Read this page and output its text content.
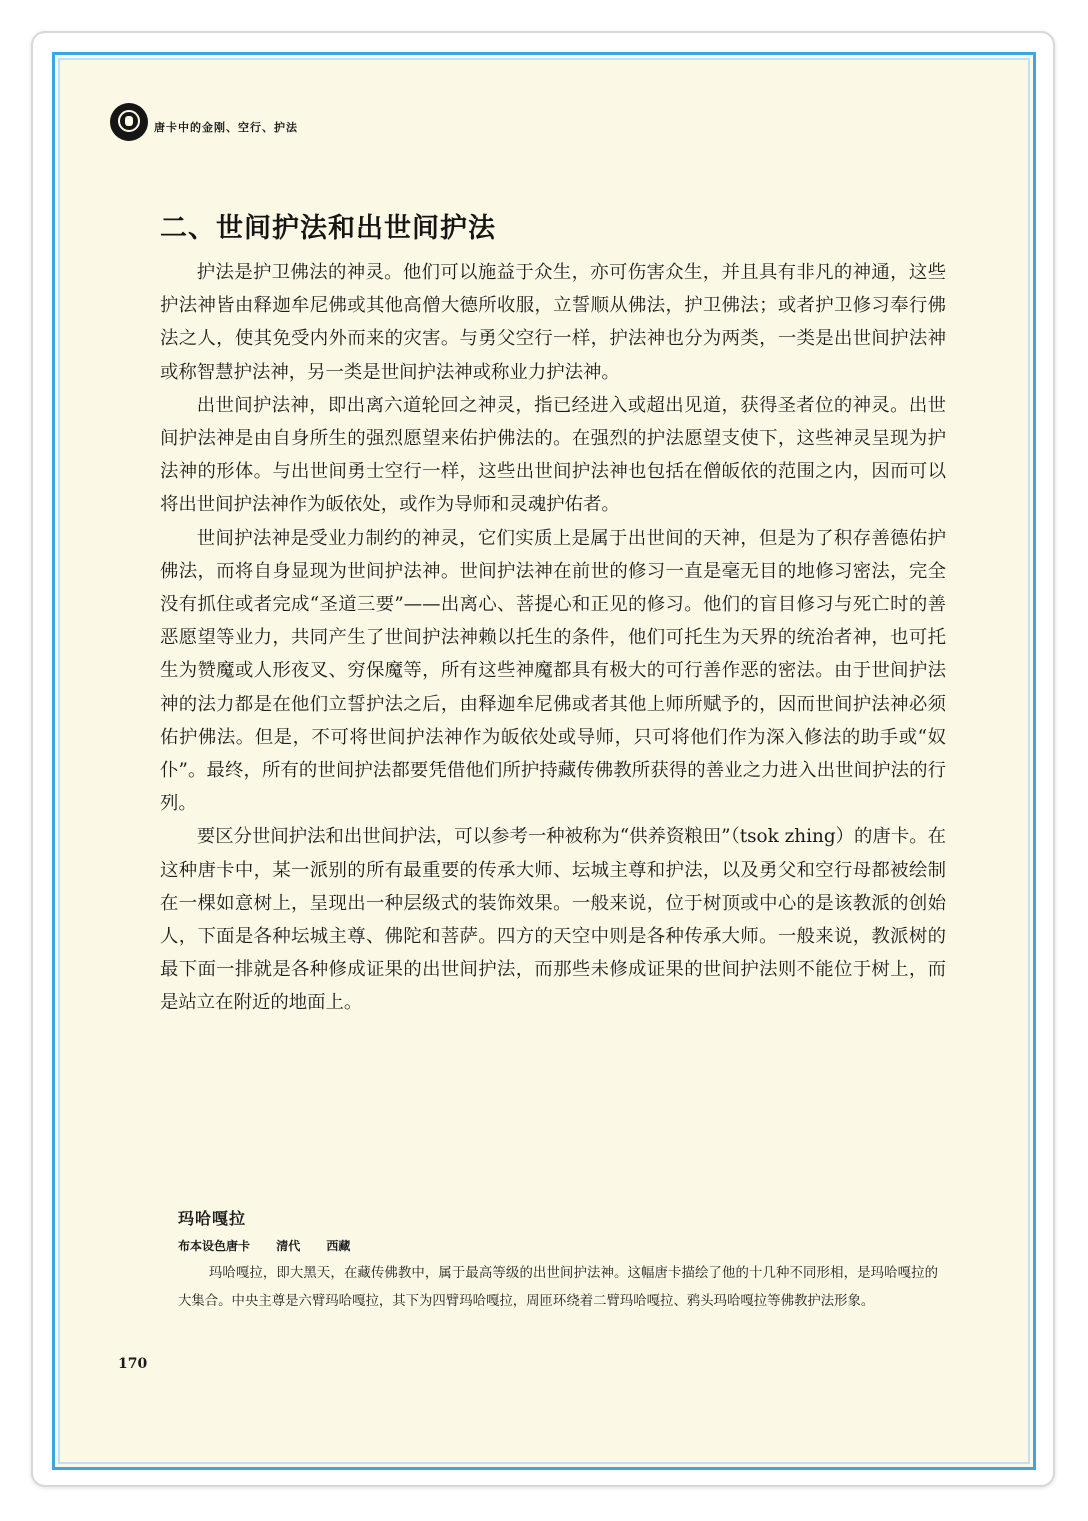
唐卡中的金刚、空行、护法
二、世间护法和出世间护法

护法是护卫佛法的神灵。他们可以施益于众生，亦可伤害众生，并且具有非凡的神通，这些护法神皆由释迦牟尼佛或其他高僧大德所收服，立誓顺从佛法，护卫佛法；或者护卫修习奉行佛法之人，使其免受内外而来的灾害。与勇父空行一样，护法神也分为两类，一类是出世间护法神或称智慧护法神，另一类是世间护法神或称业力护法神。

出世间护法神，即出离六道轮回之神灵，指已经进入或超出见道，获得圣者位的神灵。出世间护法神是由自身所生的强烈愿望来佑护佛法的。在强烈的护法愿望支使下，这些神灵呈现为护法神的形体。与出世间勇士空行一样，这些出世间护法神也包括在僧皈依的范围之内，因而可以将出世间护法神作为皈依处，或作为导师和灵魂护佑者。

世间护法神是受业力制约的神灵，它们实质上是属于出世间的天神，但是为了积存善德佑护佛法，而将自身显现为世间护法神。世间护法神在前世的修习一直是毫无目的地修习密法，完全没有抓住或者完成“圣道三要”——出离心、菩提心和正见的修习。他们的盲目修习与死亡时的善恶愿望等业力，共同产生了世间护法神赖以托生的条件，他们可托生为天界的统治者神，也可托生为赞魔或人形夜叉、穷保魔等，所有这些神魔都具有极大的可行善作恶的密法。由于世间护法神的法力都是在他们立誓护法之后，由释迦牟尼佛或者其他上师所赋予的，因而世间护法神必须佑护佛法。但是，不可将世间护法神作为皈依处或导师，只可将他们作为深入修法的助手或“奴仆”。最终，所有的世间护法都要凭借他们所护持藏传佛教所获得的善业之力进入出世间护法的行列。

要区分世间护法和出世间护法，可以参考一种被称为“供养资粮田”（tsok zhing）的唐卡。在这种唐卡中，某一派别的所有最重要的传承大师、坛城主尊和护法，以及勇父和空行母都被绘制在一棵如意树上，呈现出一种层级式的装饰效果。一般来说，位于树顶或中心的是该教派的创始人，下面是各种坛城主尊、佛陀和菩萨。四方的天空中则是各种传承大师。一般来说，教派树的最下面一排就是各种修成证果的出世间护法，而那些未修成证果的世间护法则不能位于树上，而是站立在附近的地面上。

玛哈嘎拉

布本设色唐卡 清代 西藏

玛哈嘎拉，即大黑天，在藏传佛教中，属于最高等级的出世间护法神。这幅唐卡描绘了他的十几种不同形相，是玛哈嘎拉的大集合。中央主尊是六臂玛哈嘎拉，其下为四臂玛哈嘎拉，周匝环绕着二臂玛哈嘎拉、鸦头玛哈嘎拉等佛教护法形象。

170
